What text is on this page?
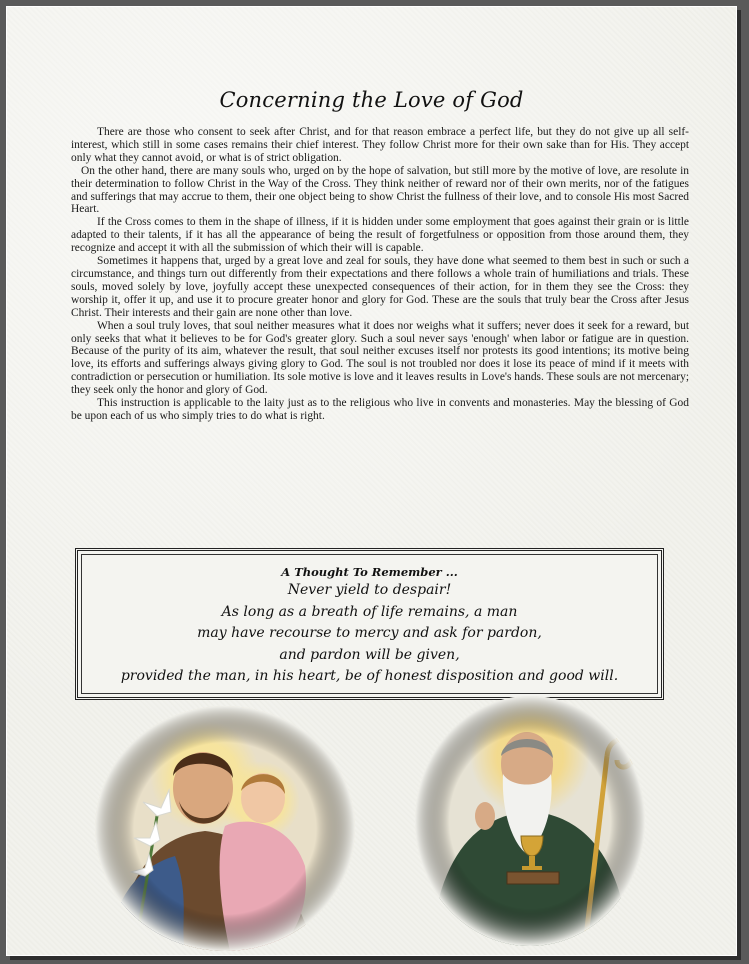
Concerning the Love of God

There are those who consent to seek after Christ, and for that reason embrace a perfect life, but they do not give up all self-interest, which still in some cases remains their chief interest. They follow Christ more for their own sake than for His. They accept only what they cannot avoid, or what is of strict obligation.

On the other hand, there are many souls who, urged on by the hope of salvation, but still more by the motive of love, are resolute in their determination to follow Christ in the Way of the Cross. They think neither of reward nor of their own merits, nor of the fatigues and sufferings that may accrue to them, their one object being to show Christ the fullness of their love, and to console His most Sacred Heart.

If the Cross comes to them in the shape of illness, if it is hidden under some employment that goes against their grain or is little adapted to their talents, if it has all the appearance of being the result of forgetfulness or opposition from those around them, they recognize and accept it with all the submission of which their will is capable.

Sometimes it happens that, urged by a great love and zeal for souls, they have done what seemed to them best in such or such a circumstance, and things turn out differently from their expectations and there follows a whole train of humiliations and trials. These souls, moved solely by love, joyfully accept these unexpected consequences of their action, for in them they see the Cross: they worship it, offer it up, and use it to procure greater honor and glory for God. These are the souls that truly bear the Cross after Jesus Christ. Their interests and their gain are none other than love.

When a soul truly loves, that soul neither measures what it does nor weighs what it suffers; never does it seek for a reward, but only seeks that what it believes to be for God's greater glory. Such a soul never says 'enough' when labor or fatigue are in question. Because of the purity of its aim, whatever the result, that soul neither excuses itself nor protests its good intentions; its motive being love, its efforts and sufferings always giving glory to God. The soul is not troubled nor does it lose its peace of mind if it meets with contradiction or persecution or humiliation. Its sole motive is love and it leaves results in Love's hands. These souls are not mercenary; they seek only the honor and glory of God.

This instruction is applicable to the laity just as to the religious who live in convents and monasteries. May the blessing of God be upon each of us who simply tries to do what is right.

A Thought To Remember ...
Never yield to despair!
As long as a breath of life remains, a man
may have recourse to mercy and ask for pardon,
and pardon will be given,
provided the man, in his heart, be of honest disposition and good will.
